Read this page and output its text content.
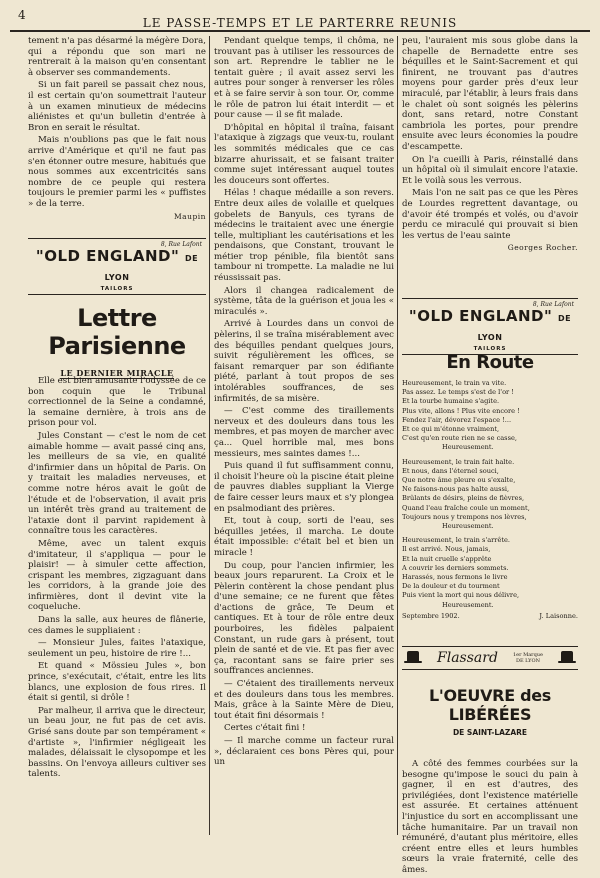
4
LE PASSE-TEMPS ET LE PARTERRE REUNIS

tement n'a pas désarmé la mégère Dora, qui a répondu que son mari ne rentrerait à la maison qu'en consentant à observer ses commandements.

Si un fait pareil se passait chez nous, il est certain qu'on soumettrait l'auteur à un examen minutieux de médecins aliénistes et qu'un bulletin d'entrée à Bron en serait le résultat.

Mais n'oublions pas que le fait nous arrive d'Amérique et qu'il ne faut pas s'en étonner outre mesure, habitués que nous sommes aux excentricités sans nombre de ce peuple qui restera toujours le premier parmi les « puffistes » de la terre.

Maupin
8, Rue Lafont
"OLD ENGLAND" DE LYON
TAILORS
Lettre Parisienne
LE DERNIER MIRACLE

Elle est bien amusante l'odyssée de ce bon coquin que le Tribunal correctionnel de la Seine a condamné, la semaine dernière, à trois ans de prison pour vol.

Jules Constant — c'est le nom de cet aimable homme — avait passé cinq ans, les meilleurs de sa vie, en qualité d'infirmier dans un hôpital de Paris. On y traitait les maladies nerveuses, et comme notre héros avait le goût de l'étude et de l'observation, il avait pris un intérêt très grand au traitement de l'ataxie dont il parvint rapidement à connaître tous les caractères.

Même, avec un talent exquis d'imitateur, il s'appliqua — pour le plaisir! — à simuler cette affection, crispant les membres, zigzaguant dans les corridors, à la grande joie des infirmières, dont il devint vite la coqueluche.

Dans la salle, aux heures de flânerie, ces dames le suppliaient :

— Monsieur Jules, faites l'ataxique, seulement un peu, histoire de rire !...

Et quand « Mössieu Jules », bon prince, s'exécutait, c'était, entre les lits blancs, une explosion de fous rires. Il était si gentil, si drôle !

Par malheur, il arriva que le directeur, un beau jour, ne fut pas de cet avis. Grisé sans doute par son tempérament « d'artiste », l'infirmier négligeait les malades, délaissait le clysopompe et les bassins. On l'envoya ailleurs cultiver ses talents.

Pendant quelque temps, il chôma, ne trouvant pas à utiliser les ressources de son art. Reprendre le tablier ne le tentait guère ; il avait assez servi les autres pour songer à renverser les rôles et à se faire servir à son tour. Or, comme le rôle de patron lui était interdit — et pour cause — il se fit malade.

D'hôpital en hôpital il traîna, faisant l'ataxique à zigzags que veux-tu, roulant les sommités médicales que ce cas bizarre ahurissait, et se faisant traiter comme sujet intéressant auquel toutes les douceurs sont offertes.

Hélas ! chaque médaille a son revers. Entre deux ailes de volaille et quelques gobelets de Banyuls, ces tyrans de médecins le traitaient avec une énergie telle, multipliant les cautérisations et les pendaisons, que Constant, trouvant le métier trop pénible, fila bientôt sans tambour ni trompette. La maladie ne lui réussissait pas.

Alors il changea radicalement de système, tâta de la guérison et joua les « miraculés ».

Arrivé à Lourdes dans un convoi de pèlerins, il se traîna misérablement avec des béquilles pendant quelques jours, suivit régulièrement les offices, se faisant remarquer par son édifiante piété, parlant à tout propos de ses intolérables souffrances, de ses infirmités, de sa misère.

— C'est comme des tiraillements nerveux et des douleurs dans tous les membres, et pas moyen de marcher avec ça... Quel horrible mal, mes bons messieurs, mes saintes dames !...

Puis quand il fut suffisamment connu, il choisit l'heure où la piscine était pleine de pauvres diables suppliant la Vierge de faire cesser leurs maux et s'y plongea en psalmodiant des prières.

Et, tout à coup, sorti de l'eau, ses béquilles jetées, il marcha. Le doute était impossible: c'était bel et bien un miracle !

Du coup, pour l'ancien infirmier, les beaux jours reparurent. La Croix et le Pèlerin contèrent la chose pendant plus d'une semaine; ce ne furent que fêtes d'actions de grâce, Te Deum et cantiques. Et à tour de rôle entre deux pourboires, les fidèles palpaient Constant, un rude gars à présent, tout plein de santé et de vie. Et pas fier avec ça, racontant sans se faire prier ses souffrances anciennes.

— C'étaient des tiraillements nerveux et des douleurs dans tous les membres. Mais, grâce à la Sainte Mère de Dieu, tout était fini désormais !

Certes c'était fini !

— Il marche comme un facteur rural », déclaraient ces bons Pères qui, pour un

peu, l'auraient mis sous globe dans la chapelle de Bernadette entre ses béquilles et le Saint-Sacrement et qui finirent, ne trouvant pas d'autres moyens pour garder près d'eux leur miraculé, par l'établir, à leurs frais dans le chalet où sont soignés les pèlerins dont, sans retard, notre Constant cambriola les portes, pour prendre ensuite avec leurs économies la poudre d'escampette.

On l'a cueilli à Paris, réinstallé dans un hôpital où il simulait encore l'ataxie. Et le voilà sous les verrous.

Mais l'on ne sait pas ce que les Pères de Lourdes regrettent davantage, ou d'avoir été trompés et volés, ou d'avoir perdu ce miraculé qui prouvait si bien les vertus de l'eau sainte

Georges Rocher.
8, Rue Lafont
"OLD ENGLAND" DE LYON
TAILORS
En Route
Heureusement, le train va vite.
Pas assez. Le temps s'est de l'or !
Et la tourbe humaine s'agite.
Plus vite, allons ! Plus vite encore !
Fendez l'air, dévorez l'espace !...
Et ce qui m'étonne vraiment,
C'est qu'en route rien ne se casse,
Heureusement.
Heureusement, le train fait halte.
Et nous, dans l'éternel souci,
Que notre âme pleure ou s'exalte,
Ne faisons-nous pas halte aussi,
Brûlants de désirs, pleins de fièvres,
Quand l'eau fraîche coule un moment,
Toujours nous y trempons nos lèvres,
Heureusement.
Heureusement, le train s'arrête.
Il est arrivé. Nous, jamais,
Et la nuit cruelle s'apprête
A couvrir les derniers sommets.
Harassés, nous fermons le livre
De la douleur et du tourment
Puis vient la mort qui nous délivre,
Heureusement.
Septembre 1902.	J. Laisonne.
Flassard	1er Marque
DE LYON
L'OEUVRE des LIBÉRÉES
DE SAINT-LAZARE

A côté des femmes courbées sur la besogne qu'impose le souci du pain à gagner, il en est d'autres, des privilégiées, dont l'existence matérielle est assurée. Et certaines atténuent l'injustice du sort en accomplissant une tâche humanitaire. Par un travail non rémunéré, d'autant plus méritoire, elles créent entre elles et leurs humbles sœurs la vraie fraternité, celle des âmes.
